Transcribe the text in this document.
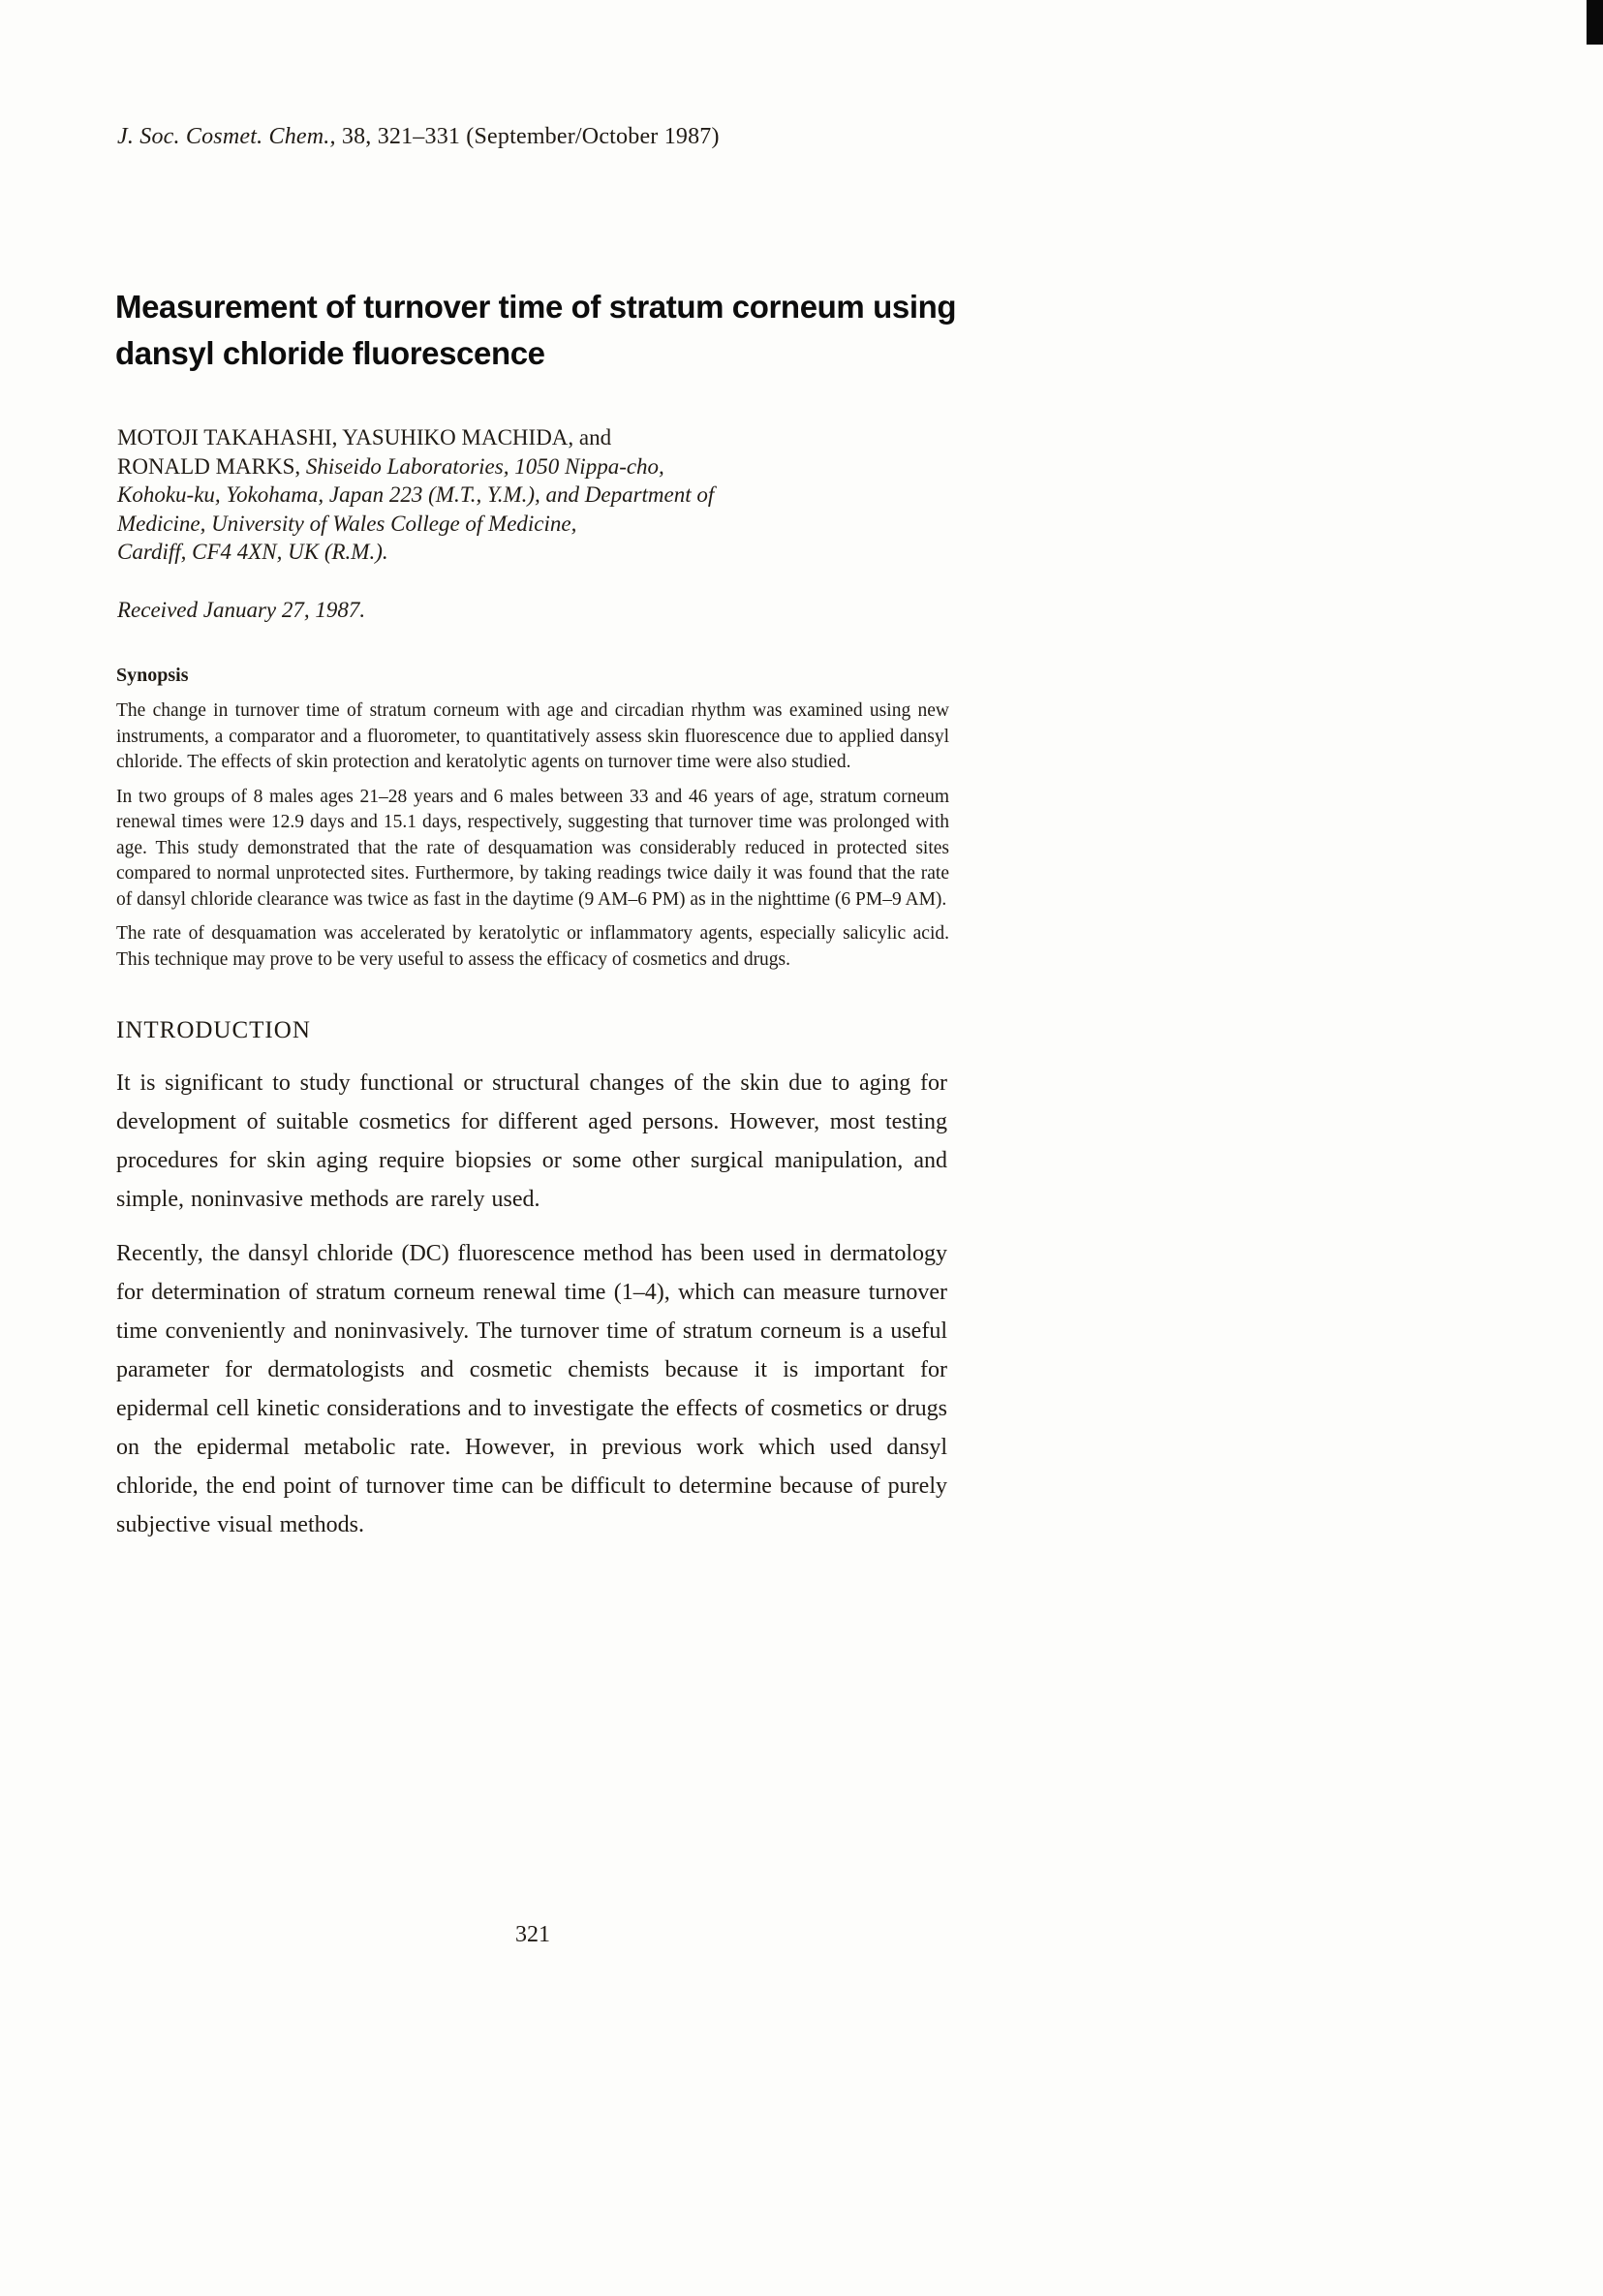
J. Soc. Cosmet. Chem., 38, 321–331 (September/October 1987)
Measurement of turnover time of stratum corneum using
dansyl chloride fluorescence
MOTOJI TAKAHASHI, YASUHIKO MACHIDA, and
RONALD MARKS, Shiseido Laboratories, 1050 Nippa-cho,
Kohoku-ku, Yokohama, Japan 223 (M.T., Y.M.), and Department of
Medicine, University of Wales College of Medicine,
Cardiff, CF4 4XN, UK (R.M.).
Received January 27, 1987.
Synopsis

The change in turnover time of stratum corneum with age and circadian rhythm was examined using new instruments, a comparator and a fluorometer, to quantitatively assess skin fluorescence due to applied dansyl chloride. The effects of skin protection and keratolytic agents on turnover time were also studied.

In two groups of 8 males ages 21–28 years and 6 males between 33 and 46 years of age, stratum corneum renewal times were 12.9 days and 15.1 days, respectively, suggesting that turnover time was prolonged with age. This study demonstrated that the rate of desquamation was considerably reduced in protected sites compared to normal unprotected sites. Furthermore, by taking readings twice daily it was found that the rate of dansyl chloride clearance was twice as fast in the daytime (9 AM–6 PM) as in the nighttime (6 PM–9 AM).

The rate of desquamation was accelerated by keratolytic or inflammatory agents, especially salicylic acid. This technique may prove to be very useful to assess the efficacy of cosmetics and drugs.

INTRODUCTION

It is significant to study functional or structural changes of the skin due to aging for development of suitable cosmetics for different aged persons. However, most testing procedures for skin aging require biopsies or some other surgical manipulation, and simple, noninvasive methods are rarely used.

Recently, the dansyl chloride (DC) fluorescence method has been used in dermatology for determination of stratum corneum renewal time (1–4), which can measure turnover time conveniently and noninvasively. The turnover time of stratum corneum is a useful parameter for dermatologists and cosmetic chemists because it is important for epidermal cell kinetic considerations and to investigate the effects of cosmetics or drugs on the epidermal metabolic rate. However, in previous work which used dansyl chloride, the end point of turnover time can be difficult to determine because of purely subjective visual methods.

321
